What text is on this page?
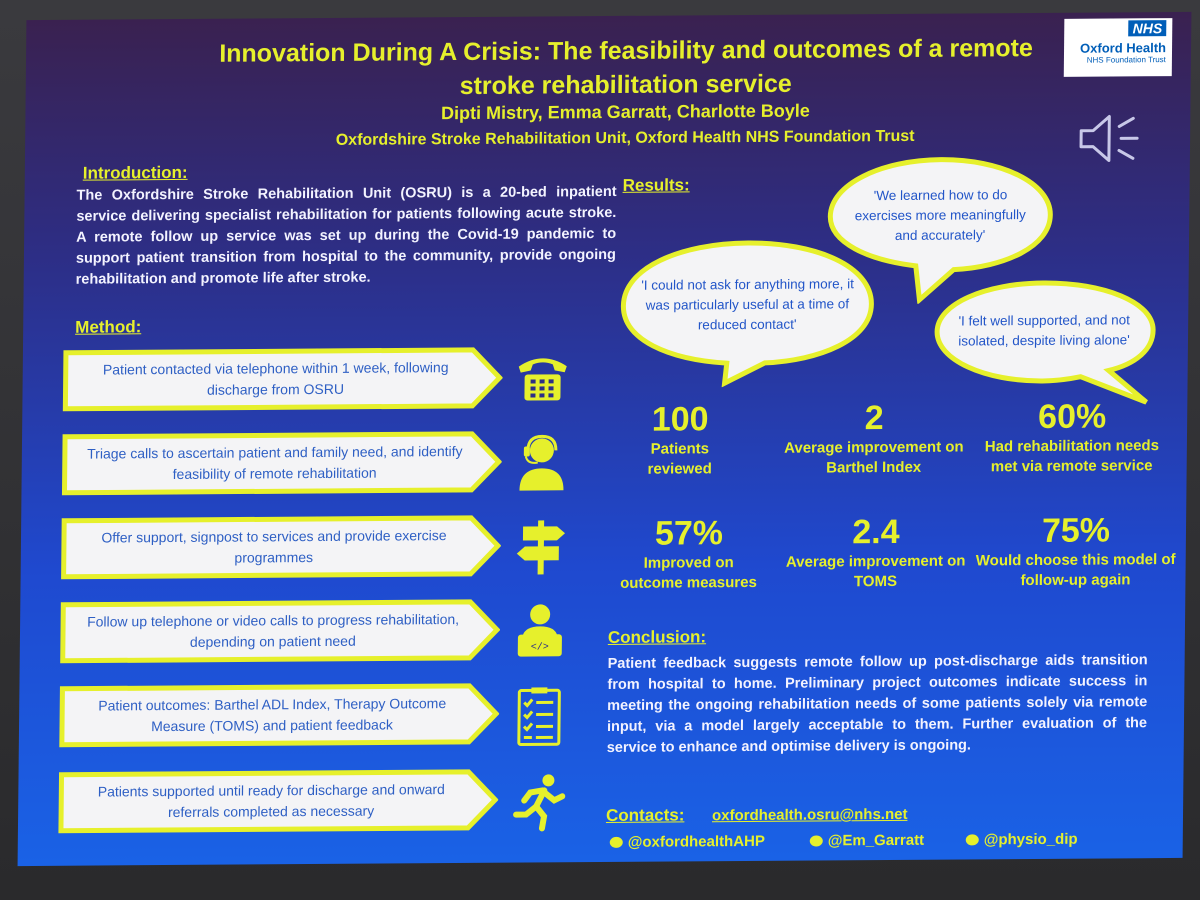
Innovation During A Crisis: The feasibility and outcomes of a remote stroke rehabilitation service
Dipti Mistry, Emma Garratt, Charlotte Boyle
Oxfordshire Stroke Rehabilitation Unit, Oxford Health NHS Foundation Trust
NHS
Oxford Health
NHS Foundation Trust
Introduction:
The Oxfordshire Stroke Rehabilitation Unit (OSRU) is a 20-bed inpatient service delivering specialist rehabilitation for patients following acute stroke. A remote follow up service was set up during the Covid-19 pandemic to support patient transition from hospital to the community, provide ongoing rehabilitation and promote life after stroke.
Method:
Patient contacted via telephone within 1 week, following discharge from OSRU
Triage calls to ascertain patient and family need, and identify feasibility of remote rehabilitation
Offer support, signpost to services and provide exercise programmes
Follow up telephone or video calls to progress rehabilitation, depending on patient need
Patient outcomes: Barthel ADL Index, Therapy Outcome Measure (TOMS) and patient feedback
Patients supported until ready for discharge and onward referrals completed as necessary
</>
Results:
'I could not ask for anything more, it was particularly useful at a time of reduced contact'
'We learned how to do exercises more meaningfully and accurately'
'I felt well supported, and not isolated, despite living alone'
100
Patients reviewed
2
Average improvement on Barthel Index
60%
Had rehabilitation needs met via remote service
57%
Improved on outcome measures
2.4
Average improvement on TOMS
75%
Would choose this model of follow-up again
Conclusion:
Patient feedback suggests remote follow up post-discharge aids transition from hospital to home. Preliminary project outcomes indicate success in meeting the ongoing rehabilitation needs of some patients solely via remote input, via a model largely acceptable to them. Further evaluation of the service to enhance and optimise delivery is ongoing.
Contacts: oxfordhealth.osru@nhs.net
@oxfordhealthAHP	@Em_Garratt	@physio_dip
